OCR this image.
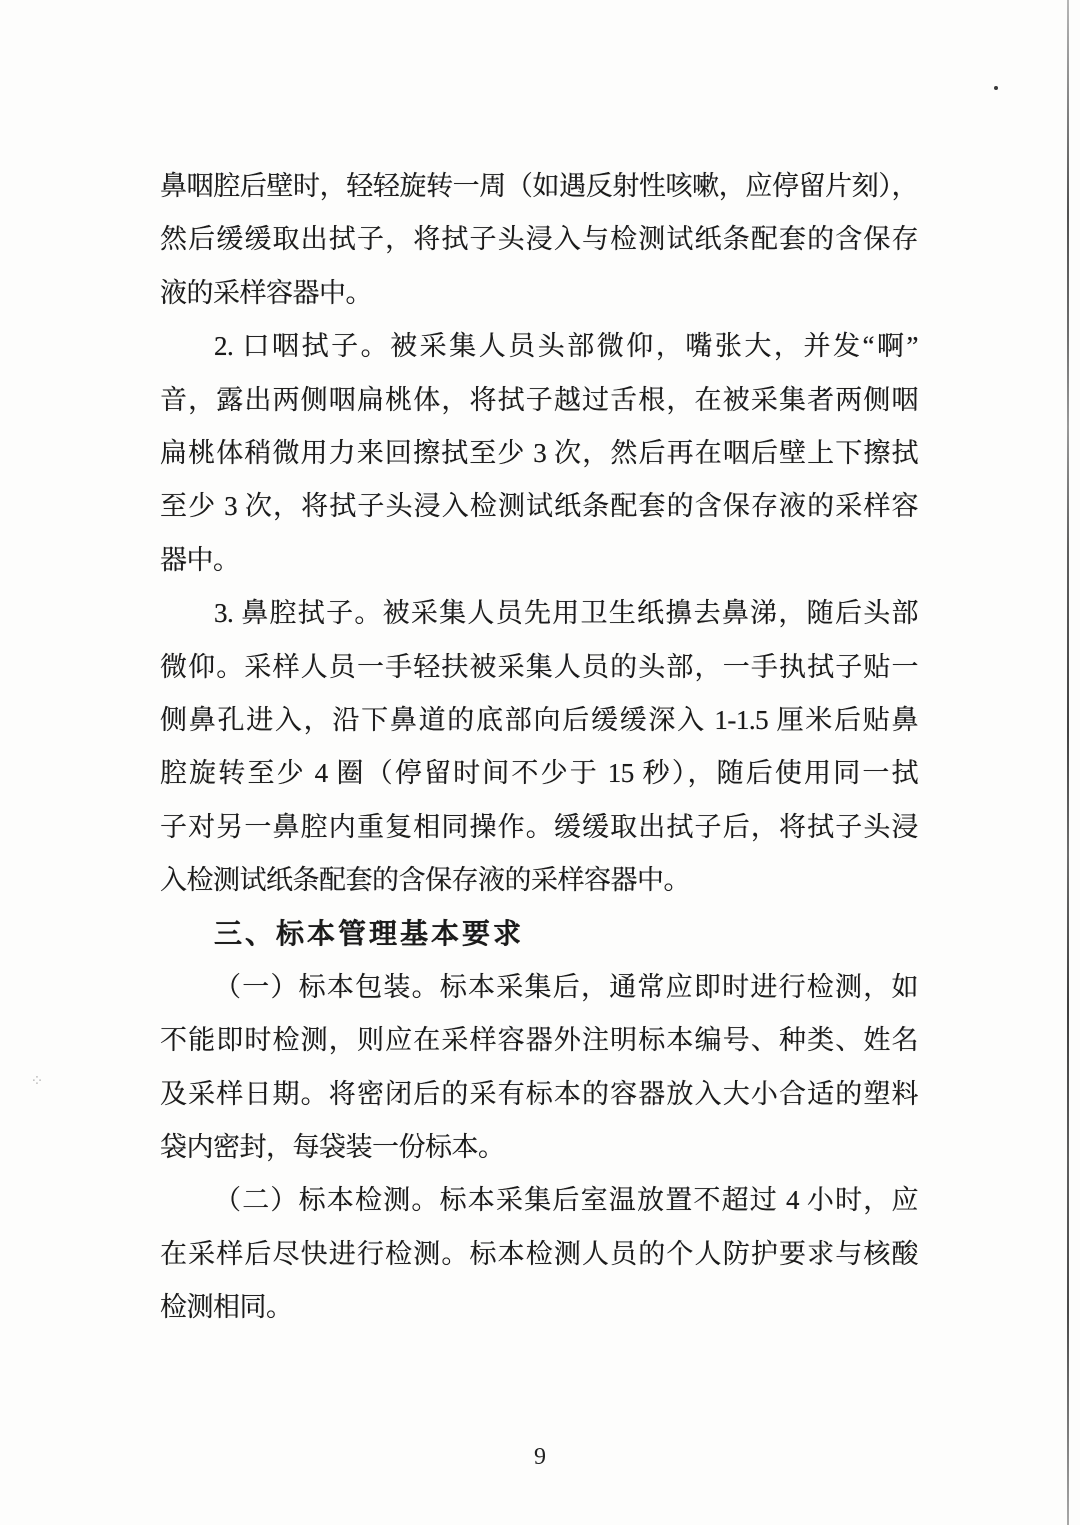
鼻咽腔后壁时，轻轻旋转一周（如遇反射性咳嗽，应停留片刻），
然后缓缓取出拭子，将拭子头浸入与检测试纸条配套的含保存
液的采样容器中。
2. 口咽拭子。被采集人员头部微仰，嘴张大，并发“啊”
音，露出两侧咽扁桃体，将拭子越过舌根，在被采集者两侧咽
扁桃体稍微用力来回擦拭至少 3 次，然后再在咽后壁上下擦拭
至少 3 次，将拭子头浸入检测试纸条配套的含保存液的采样容
器中。
3. 鼻腔拭子。被采集人员先用卫生纸擤去鼻涕，随后头部
微仰。采样人员一手轻扶被采集人员的头部，一手执拭子贴一
侧鼻孔进入，沿下鼻道的底部向后缓缓深入 1-1.5 厘米后贴鼻
腔旋转至少 4 圈（停留时间不少于 15 秒），随后使用同一拭
子对另一鼻腔内重复相同操作。缓缓取出拭子后，将拭子头浸
入检测试纸条配套的含保存液的采样容器中。
三、标本管理基本要求
（一）标本包装。标本采集后，通常应即时进行检测，如
不能即时检测，则应在采样容器外注明标本编号、种类、姓名
及采样日期。将密闭后的采有标本的容器放入大小合适的塑料
袋内密封，每袋装一份标本。
（二）标本检测。标本采集后室温放置不超过 4 小时，应
在采样后尽快进行检测。标本检测人员的个人防护要求与核酸
检测相同。
9
⁘
